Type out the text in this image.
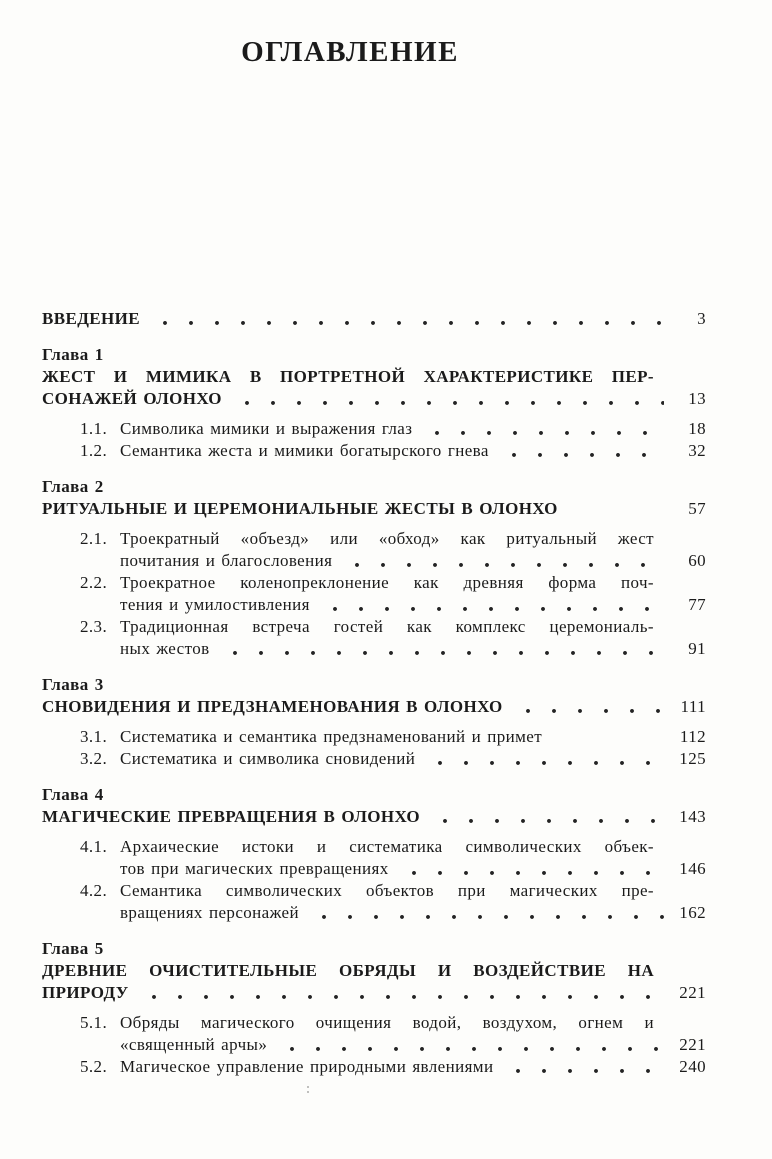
ОГЛАВЛЕНИЕ
ВВЕДЕНИЕ	3
Глава 1
ЖЕСТ И МИМИКА В ПОРТРЕТНОЙ ХАРАКТЕРИСТИКЕ ПЕР-
СОНАЖЕЙ ОЛОНХО	13
1.1. Символика мимики и выражения глаз	18
1.2. Семантика жеста и мимики богатырского гнева	32
Глава 2
РИТУАЛЬНЫЕ И ЦЕРЕМОНИАЛЬНЫЕ ЖЕСТЫ В ОЛОНХО	57
2.1. Троекратный «объезд» или «обход» как ритуальный жест
почитания и благословения	60
2.2. Троекратное коленопреклонение как древняя форма поч-
тения и умилостивления	77
2.3. Традиционная встреча гостей как комплекс церемониаль-
ных жестов	91
Глава 3
СНОВИДЕНИЯ И ПРЕДЗНАМЕНОВАНИЯ В ОЛОНХО	111
3.1. Систематика и семантика предзнаменований и примет	112
3.2. Систематика и символика сновидений	125
Глава 4
МАГИЧЕСКИЕ ПРЕВРАЩЕНИЯ В ОЛОНХО	143
4.1. Архаические истоки и систематика символических объек-
тов при магических превращениях	146
4.2. Семантика символических объектов при магических пре-
вращениях персонажей	162
Глава 5
ДРЕВНИЕ ОЧИСТИТЕЛЬНЫЕ ОБРЯДЫ И ВОЗДЕЙСТВИЕ НА
ПРИРОДУ	221
5.1. Обряды магического очищения водой, воздухом, огнем и
«священный арчы»	221
5.2. Магическое управление природными явлениями	240
